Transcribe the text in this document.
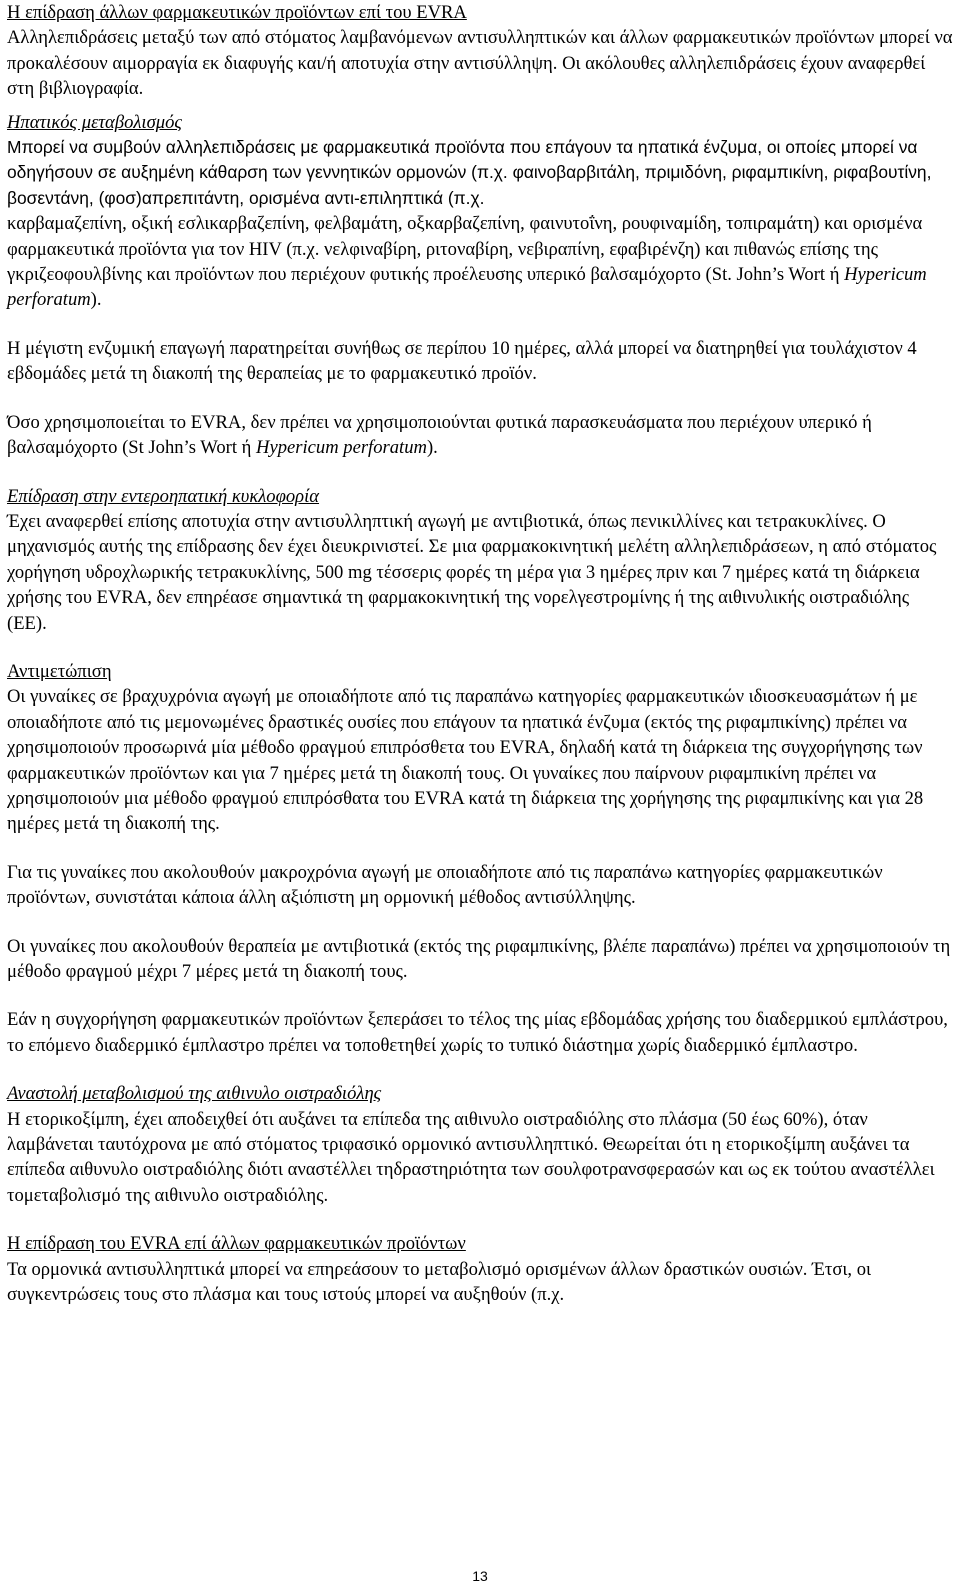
Η επίδραση άλλων φαρμακευτικών προϊόντων επί του EVRA

Αλληλεπιδράσεις μεταξύ των από στόματος λαμβανόμενων αντισυλληπτικών και άλλων φαρμακευτικών προϊόντων μπορεί να προκαλέσουν αιμορραγία εκ διαφυγής και/ή αποτυχία στην αντισύλληψη. Οι ακόλουθες αλληλεπιδράσεις έχουν αναφερθεί στη βιβλιογραφία.

Ηπατικός μεταβολισμός

Μπορεί να συμβούν αλληλεπιδράσεις με φαρμακευτικά προϊόντα που επάγουν τα ηπατικά ένζυμα, οι οποίες μπορεί να οδηγήσουν σε αυξημένη κάθαρση των γεννητικών ορμονών (π.χ. φαινοβαρβιτάλη, πριμιδόνη, ριφαμπικίνη, ριφαβουτίνη, βοσεντάνη, (φοσ)απρεπιτάντη, ορισμένα αντι-επιληπτικά (π.χ.

καρβαμαζεπίνη, οξική εσλικαρβαζεπίνη, φελβαμάτη, οξκαρβαζεπίνη, φαινυτοΐνη, ρουφιναμίδη, τοπιραμάτη) και ορισμένα φαρμακευτικά προϊόντα για τον HIV (π.χ. νελφιναβίρη, ριτοναβίρη, νεβιραπίνη, εφαβιρένζη) και πιθανώς επίσης της γκριζεοφουλβίνης και προϊόντων που περιέχουν φυτικής προέλευσης υπερικό βαλσαμόχορτο (St. John’s Wort ή Hypericum perforatum).

Η μέγιστη ενζυμική επαγωγή παρατηρείται συνήθως σε περίπου 10 ημέρες, αλλά μπορεί να διατηρηθεί για τουλάχιστον 4 εβδομάδες μετά τη διακοπή της θεραπείας με το φαρμακευτικό προϊόν.

Όσο χρησιμοποιείται το EVRA, δεν πρέπει να χρησιμοποιούνται φυτικά παρασκευάσματα που περιέχουν υπερικό ή βαλσαμόχορτο (St John’s Wort ή Hypericum perforatum).

Επίδραση στην εντεροηπατική κυκλοφορία

Έχει αναφερθεί επίσης αποτυχία στην αντισυλληπτική αγωγή με αντιβιοτικά, όπως πενικιλλίνες και τετρακυκλίνες. Ο μηχανισμός αυτής της επίδρασης δεν έχει διευκρινιστεί. Σε μια φαρμακοκινητική μελέτη αλληλεπιδράσεων, η από στόματος χορήγηση υδροχλωρικής τετρακυκλίνης, 500 mg τέσσερις φορές τη μέρα για 3 ημέρες πριν και 7 ημέρες κατά τη διάρκεια χρήσης του EVRA, δεν επηρέασε σημαντικά τη φαρμακοκινητική της νορελγεστρομίνης ή της αιθινυλικής οιστραδιόλης (ΕΕ).

Αντιμετώπιση

Οι γυναίκες σε βραχυχρόνια αγωγή με οποιαδήποτε από τις παραπάνω κατηγορίες φαρμακευτικών ιδιοσκευασμάτων ή με οποιαδήποτε από τις μεμονωμένες δραστικές ουσίες που επάγουν τα ηπατικά ένζυμα (εκτός της ριφαμπικίνης) πρέπει να χρησιμοποιούν προσωρινά μία μέθοδο φραγμού επιπρόσθετα του EVRA, δηλαδή κατά τη διάρκεια της συγχορήγησης των φαρμακευτικών προϊόντων και για 7 ημέρες μετά τη διακοπή τους. Οι γυναίκες που παίρνουν ριφαμπικίνη πρέπει να χρησιμοποιούν μια μέθοδο φραγμού επιπρόσθατα του EVRA κατά τη διάρκεια της χορήγησης της ριφαμπικίνης και για 28 ημέρες μετά τη διακοπή της.

Για τις γυναίκες που ακολουθούν μακροχρόνια αγωγή με οποιαδήποτε από τις παραπάνω κατηγορίες φαρμακευτικών προϊόντων, συνιστάται κάποια άλλη αξιόπιστη μη ορμονική μέθοδος αντισύλληψης.

Οι γυναίκες που ακολουθούν θεραπεία με αντιβιοτικά (εκτός της ριφαμπικίνης, βλέπε παραπάνω) πρέπει να χρησιμοποιούν τη μέθοδο φραγμού μέχρι 7 μέρες μετά τη διακοπή τους.

Εάν η συγχορήγηση φαρμακευτικών προϊόντων ξεπεράσει το τέλος της μίας εβδομάδας χρήσης του διαδερμικού εμπλάστρου, το επόμενο διαδερμικό έμπλαστρο πρέπει να τοποθετηθεί χωρίς το τυπικό διάστημα χωρίς διαδερμικό έμπλαστρο.

Αναστολή μεταβολισμού της αιθινυλο οιστραδιόλης

Η ετορικοξίμπη, έχει αποδειχθεί ότι αυξάνει τα επίπεδα της αιθινυλο οιστραδιόλης στο πλάσμα (50 έως 60%), όταν λαμβάνεται ταυτόχρονα με από στόματος τριφασικό ορμονικό αντισυλληπτικό. Θεωρείται ότι η ετορικοξίμπη αυξάνει τα επίπεδα αιθυνυλο οιστραδιόλης διότι αναστέλλει τηδραστηριότητα των σουλφοτρανσφερασών και ως εκ τούτου αναστέλλει τομεταβολισμό της αιθινυλο οιστραδιόλης.

Η επίδραση του EVRA επί άλλων φαρμακευτικών προϊόντων

Τα ορμονικά αντισυλληπτικά μπορεί να επηρεάσουν το μεταβολισμό ορισμένων άλλων δραστικών ουσιών. Έτσι, οι συγκεντρώσεις τους στο πλάσμα και τους ιστούς μπορεί να αυξηθούν (π.χ.

13
